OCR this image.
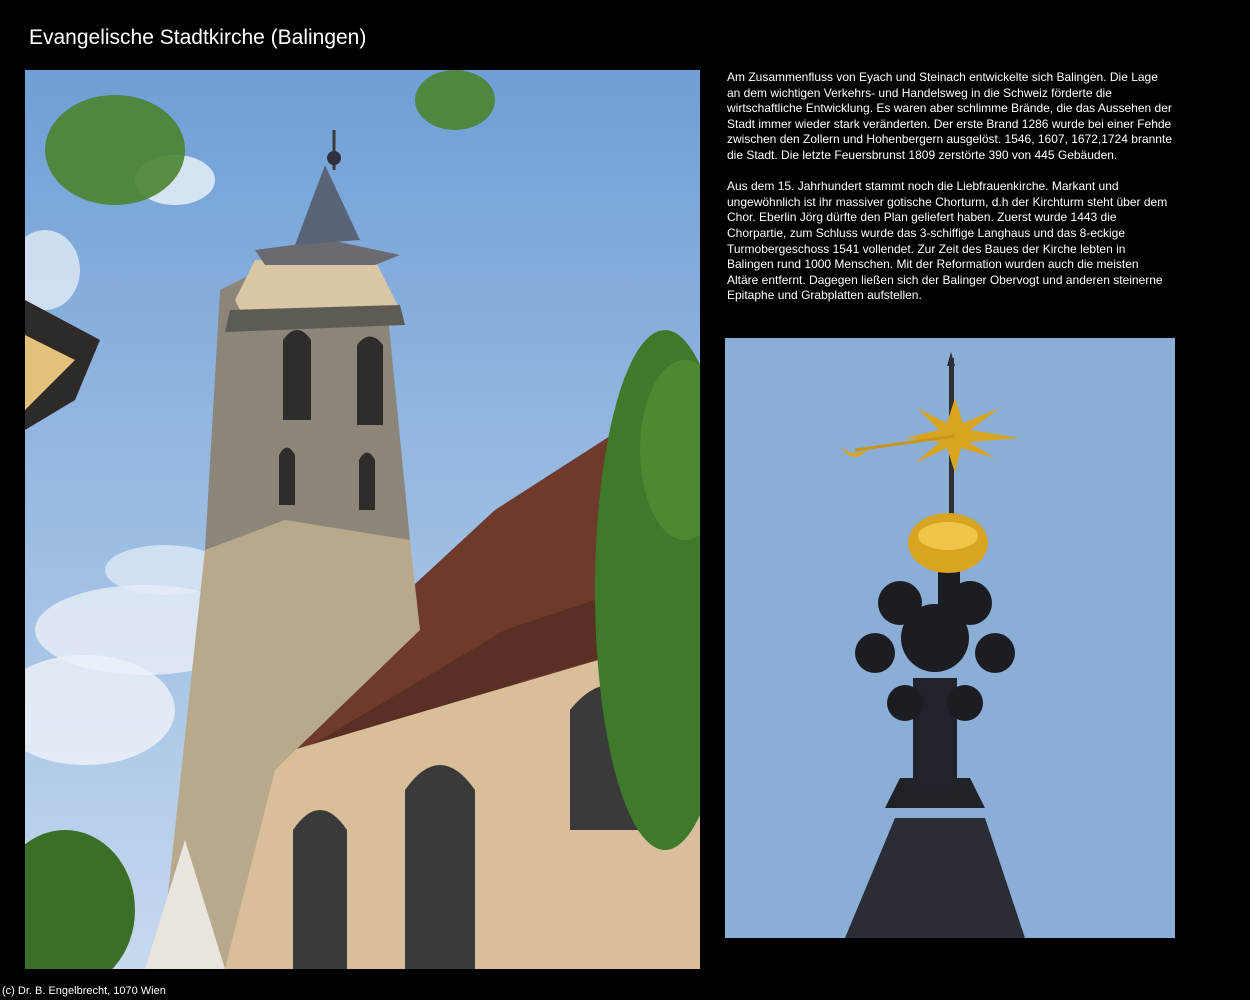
Evangelische Stadtkirche (Balingen)

Am Zusammenfluss von Eyach und Steinach entwickelte sich Balingen. Die Lage an dem wichtigen Verkehrs- und Handelsweg in die Schweiz förderte die wirtschaftliche Entwicklung. Es waren aber schlimme Brände, die das Aussehen der Stadt immer wieder stark veränderten. Der erste Brand 1286 wurde bei einer Fehde zwischen den Zollern und Hohenbergern ausgelöst. 1546, 1607, 1672,1724 brannte die Stadt. Die letzte Feuersbrunst 1809 zerstörte 390 von 445 Gebäuden.

Aus dem 15. Jahrhundert stammt noch die Liebfrauenkirche. Markant und ungewöhnlich ist ihr massiver gotische Chorturm, d.h der Kirchturm steht über dem Chor. Eberlin Jörg dürfte den Plan geliefert haben. Zuerst wurde 1443 die Chorpartie, zum Schluss wurde das 3-schiffige Langhaus und das 8-eckige Turmobergeschoss 1541 vollendet. Zur Zeit des Baues der Kirche lebten in Balingen rund 1000 Menschen. Mit der Reformation wurden auch die meisten Altäre entfernt. Dagegen ließen sich der Balinger Obervogt und anderen steinerne Epitaphe und Grabplatten aufstellen.

(c) Dr. B. Engelbrecht, 1070 Wien
